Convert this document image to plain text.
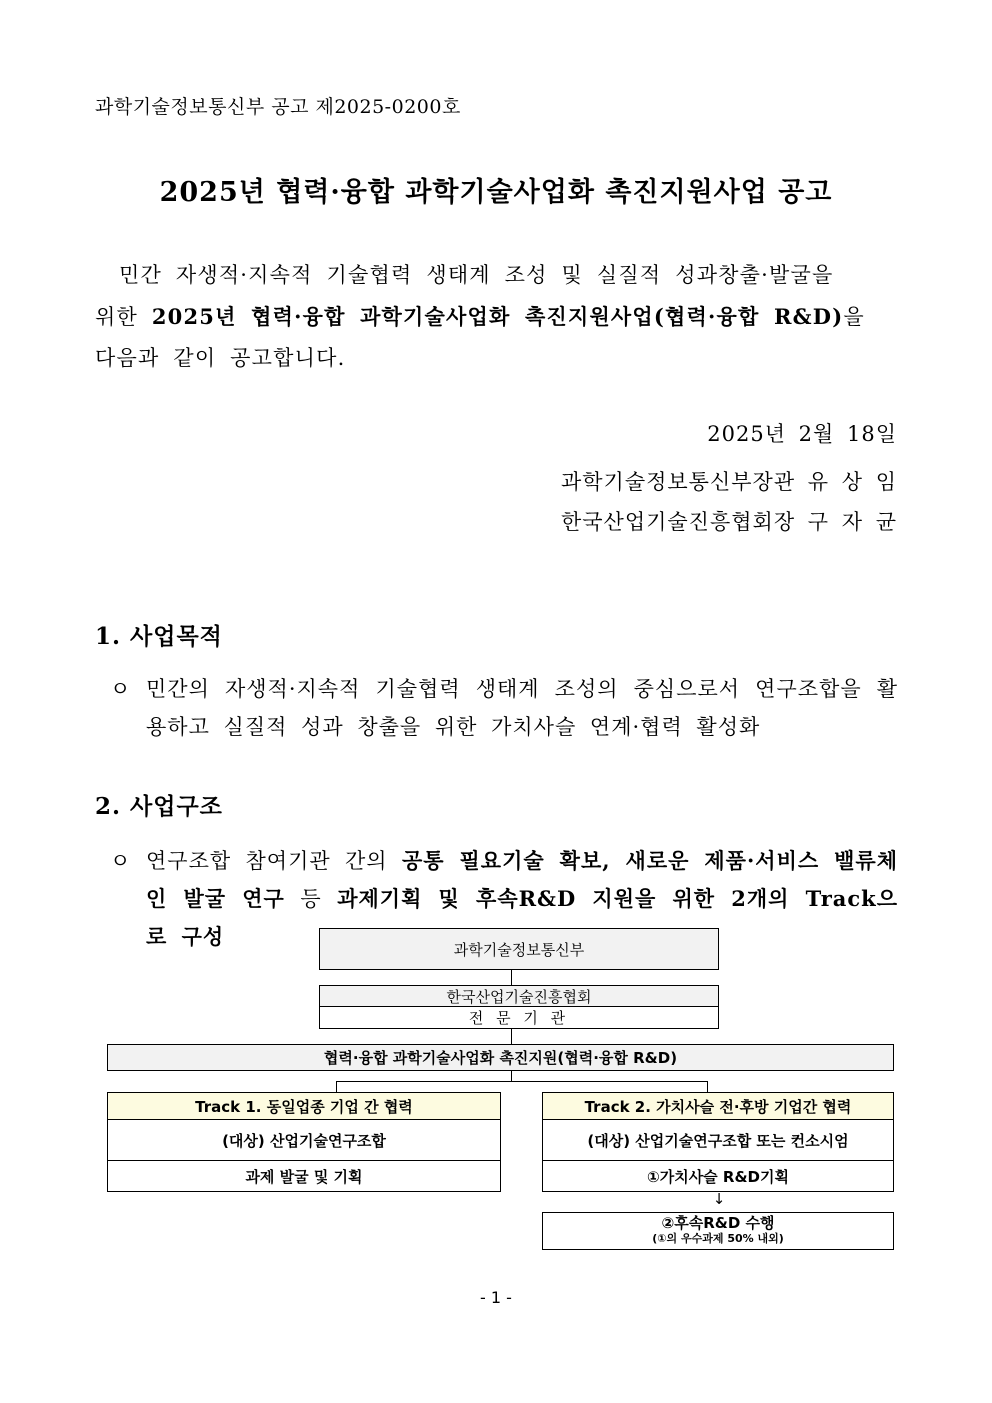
과학기술정보통신부 공고 제2025-0200호
2025년 협력·융합 과학기술사업화 촉진지원사업 공고

민간 자생적·지속적 기술협력 생태계 조성 및 실질적 성과창출·발굴을

위한 2025년 협력·융합 과학기술사업화 촉진지원사업(협력·융합 R&D)을

다음과 같이 공고합니다.

2025년 2월 18일
과학기술정보통신부장관 유 상 임
한국산업기술진흥협회장 구 자 균
1. 사업목적
ㅇ 민간의 자생적·지속적 기술협력 생태계 조성의 중심으로서 연구조합을 활용하고 실질적 성과 창출을 위한 가치사슬 연계·협력 활성화
2. 사업구조
ㅇ 연구조합 참여기관 간의 공통 필요기술 확보, 새로운 제품·서비스 밸류체인 발굴 연구 등 과제기획 및 후속R&D 지원을 위한 2개의 Track으로 구성
과학기술정보통신부
한국산업기술진흥협회
전 문 기 관
협력·융합 과학기술사업화 촉진지원(협력·융합 R&D)
Track 1. 동일업종 기업 간 협력
(대상) 산업기술연구조합
과제 발굴 및 기획
Track 2. 가치사슬 전·후방 기업간 협력
(대상) 산업기술연구조합 또는 컨소시엄
①가치사슬 R&D기획
↓
②후속R&D 수행
(①의 우수과제 50% 내외)
- 1 -
